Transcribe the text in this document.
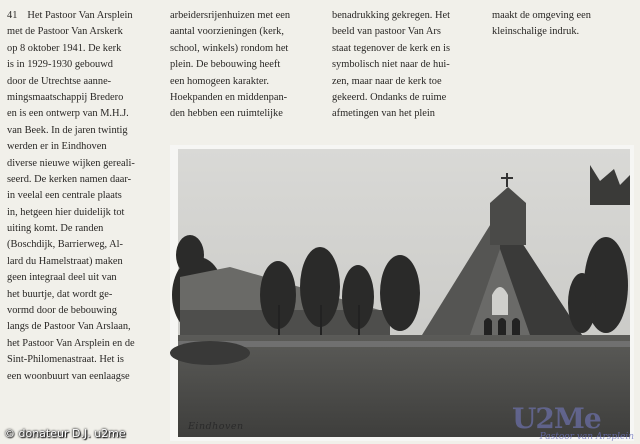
41 Het Pastoor Van Arsplein
met de Pastoor Van Arskerk
op 8 oktober 1941. De kerk
is in 1929-1930 gebouwd
door de Utrechtse aanne-
mingsmaatschappij Bredero
en is een ontwerp van M.H.J.
van Beek. In de jaren twintig
werden er in Eindhoven
diverse nieuwe wijken gereali-
seerd. De kerken namen daar-
in veelal een centrale plaats
in, hetgeen hier duidelijk tot
uiting komt. De randen
(Boschdijk, Barrierweg, Al-
lard du Hamelstraat) maken
geen integraal deel uit van
het buurtje, dat wordt ge-
vormd door de bebouwing
langs de Pastoor Van Arslaan,
het Pastoor Van Arsplein en de
Sint-Philomenastraat. Het is
een woonbuurt van eenlaagse
arbeidersrijenhuizen met een
aantal voorzieningen (kerk,
school, winkels) rondom het
plein. De bebouwing heeft
een homogeen karakter.
Hoekpanden en middenpan-
den hebben een ruimtelijke
benadrukking gekregen. Het
beeld van pastoor Van Ars
staat tegenover de kerk en is
symbolisch niet naar de hui-
zen, maar naar de kerk toe
gekeerd. Ondanks de ruime
afmetingen van het plein
maakt de omgeving een
kleinschalige indruk.
Eindhoven
© donateur D.J. u2me	U2Me
Pastoor van Arsplein
